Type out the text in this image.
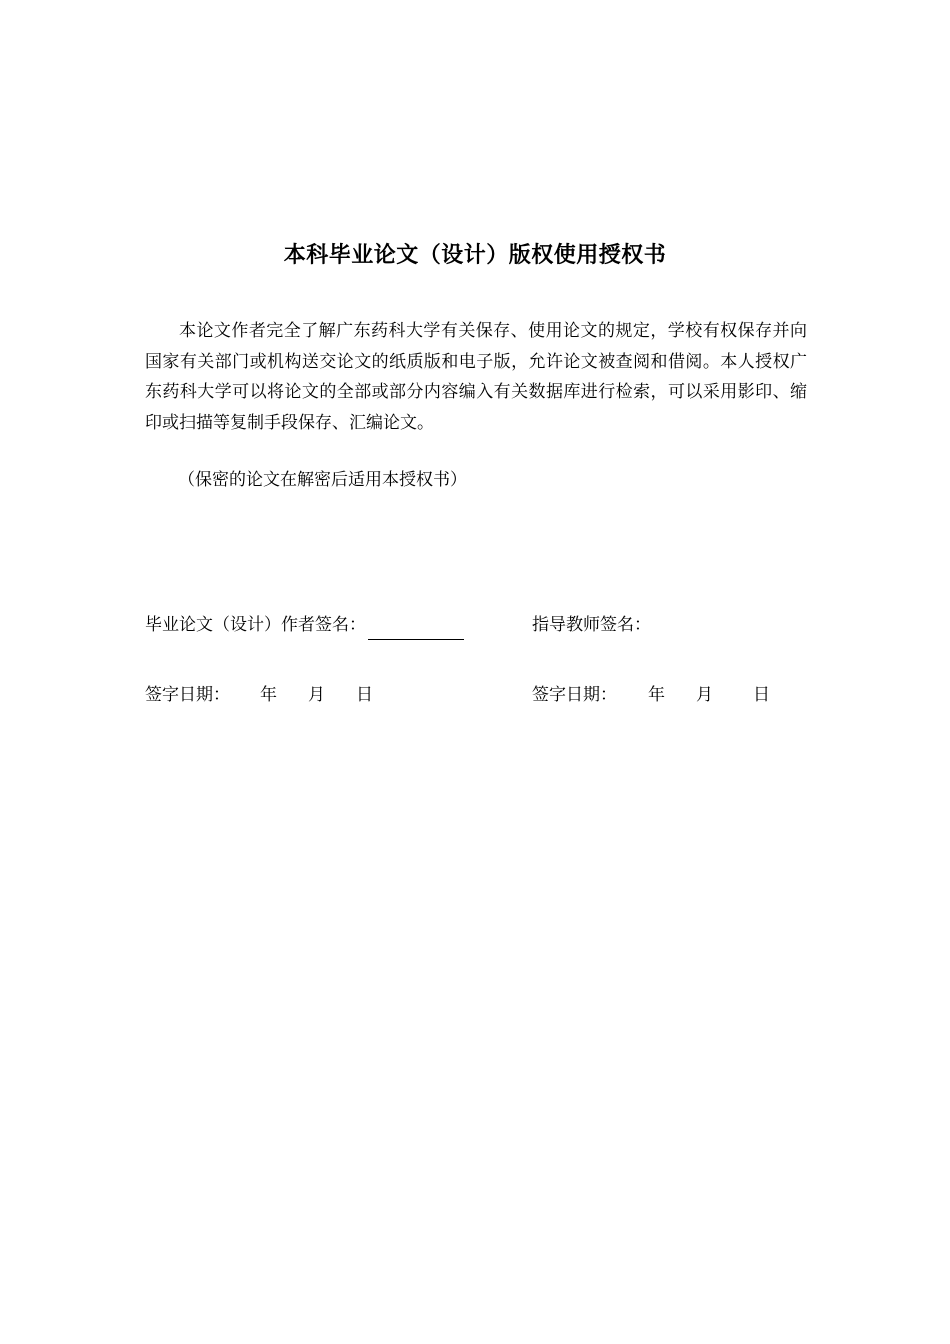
本科毕业论文（设计）版权使用授权书

本论文作者完全了解广东药科大学有关保存、使用论文的规定，学校有权保存并向国家有关部门或机构送交论文的纸质版和电子版，允许论文被查阅和借阅。本人授权广东药科大学可以将论文的全部或部分内容编入有关数据库进行检索，可以采用影印、缩印或扫描等复制手段保存、汇编论文。

（保密的论文在解密后适用本授权书）
毕业论文（设计）作者签名：	指导教师签名：
签字日期： 年 月 日	签字日期： 年 月 日
